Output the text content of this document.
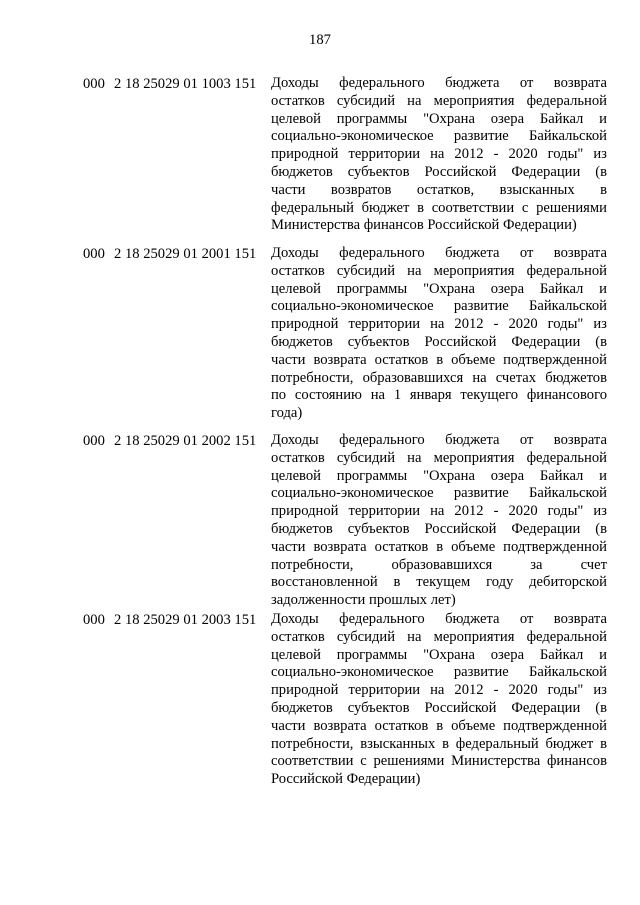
187
000 2 18 25029 01 1003 151 Доходы федерального бюджета от возврата
остатков субсидий на мероприятия федеральной
целевой программы "Охрана озера Байкал и
социально-экономическое развитие Байкальской
природной территории на 2012 - 2020 годы" из
бюджетов субъектов Российской Федерации (в
части возвратов остатков, взысканных в
федеральный бюджет в соответствии с решениями
Министерства финансов Российской Федерации)
000 2 18 25029 01 2001 151 Доходы федерального бюджета от возврата
остатков субсидий на мероприятия федеральной
целевой программы "Охрана озера Байкал и
социально-экономическое развитие Байкальской
природной территории на 2012 - 2020 годы" из
бюджетов субъектов Российской Федерации (в
части возврата остатков в объеме подтвержденной
потребности, образовавшихся на счетах бюджетов
по состоянию на 1 января текущего финансового
года)
000 2 18 25029 01 2002 151 Доходы федерального бюджета от возврата
остатков субсидий на мероприятия федеральной
целевой программы "Охрана озера Байкал и
социально-экономическое развитие Байкальской
природной территории на 2012 - 2020 годы" из
бюджетов субъектов Российской Федерации (в
части возврата остатков в объеме подтвержденной
потребности,	образовавшихся	за	счет
восстановленной в текущем году дебиторской
задолженности прошлых лет)
000 2 18 25029 01 2003 151 Доходы федерального бюджета от возврата
остатков субсидий на мероприятия федеральной
целевой программы "Охрана озера Байкал и
социально-экономическое развитие Байкальской
природной территории на 2012 - 2020 годы" из
бюджетов субъектов Российской Федерации (в
части возврата остатков в объеме подтвержденной
потребности, взысканных в федеральный бюджет в
соответствии с решениями Министерства финансов
Российской Федерации)
